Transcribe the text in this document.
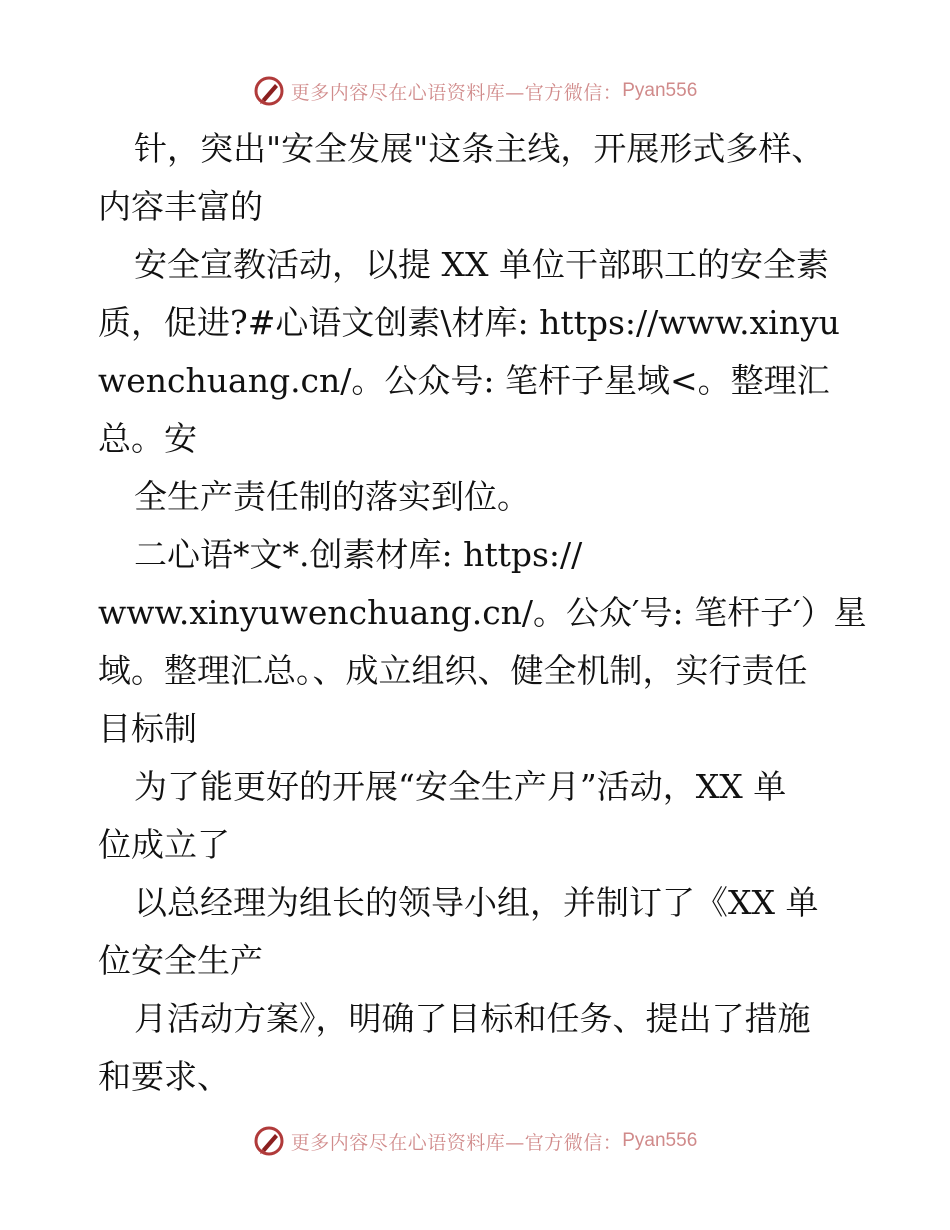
更多内容尽在心语资料库—官方微信： Pyan556
针，突出"安全发展"这条主线，开展形式多样、
内容丰富的
安全宣教活动，以提 XX 单位干部职工的安全素
质，促进?#心语文创素\材库: https://www.xinyu
wenchuang.cn/。公众号: 笔杆子星域<。整理汇
总。安
全生产责任制的落实到位。
二心语*文*.创素材库: https://
www.xinyuwenchuang.cn/。公众′号: 笔杆子′）星
域。整理汇总。、成立组织、健全机制，实行责任
目标制
为了能更好的开展“安全生产月”活动，XX 单
位成立了
以总经理为组长的领导小组，并制订了《XX 单
位安全生产
月活动方案》，明确了目标和任务、提出了措施
和要求、
更多内容尽在心语资料库—官方微信： Pyan556
